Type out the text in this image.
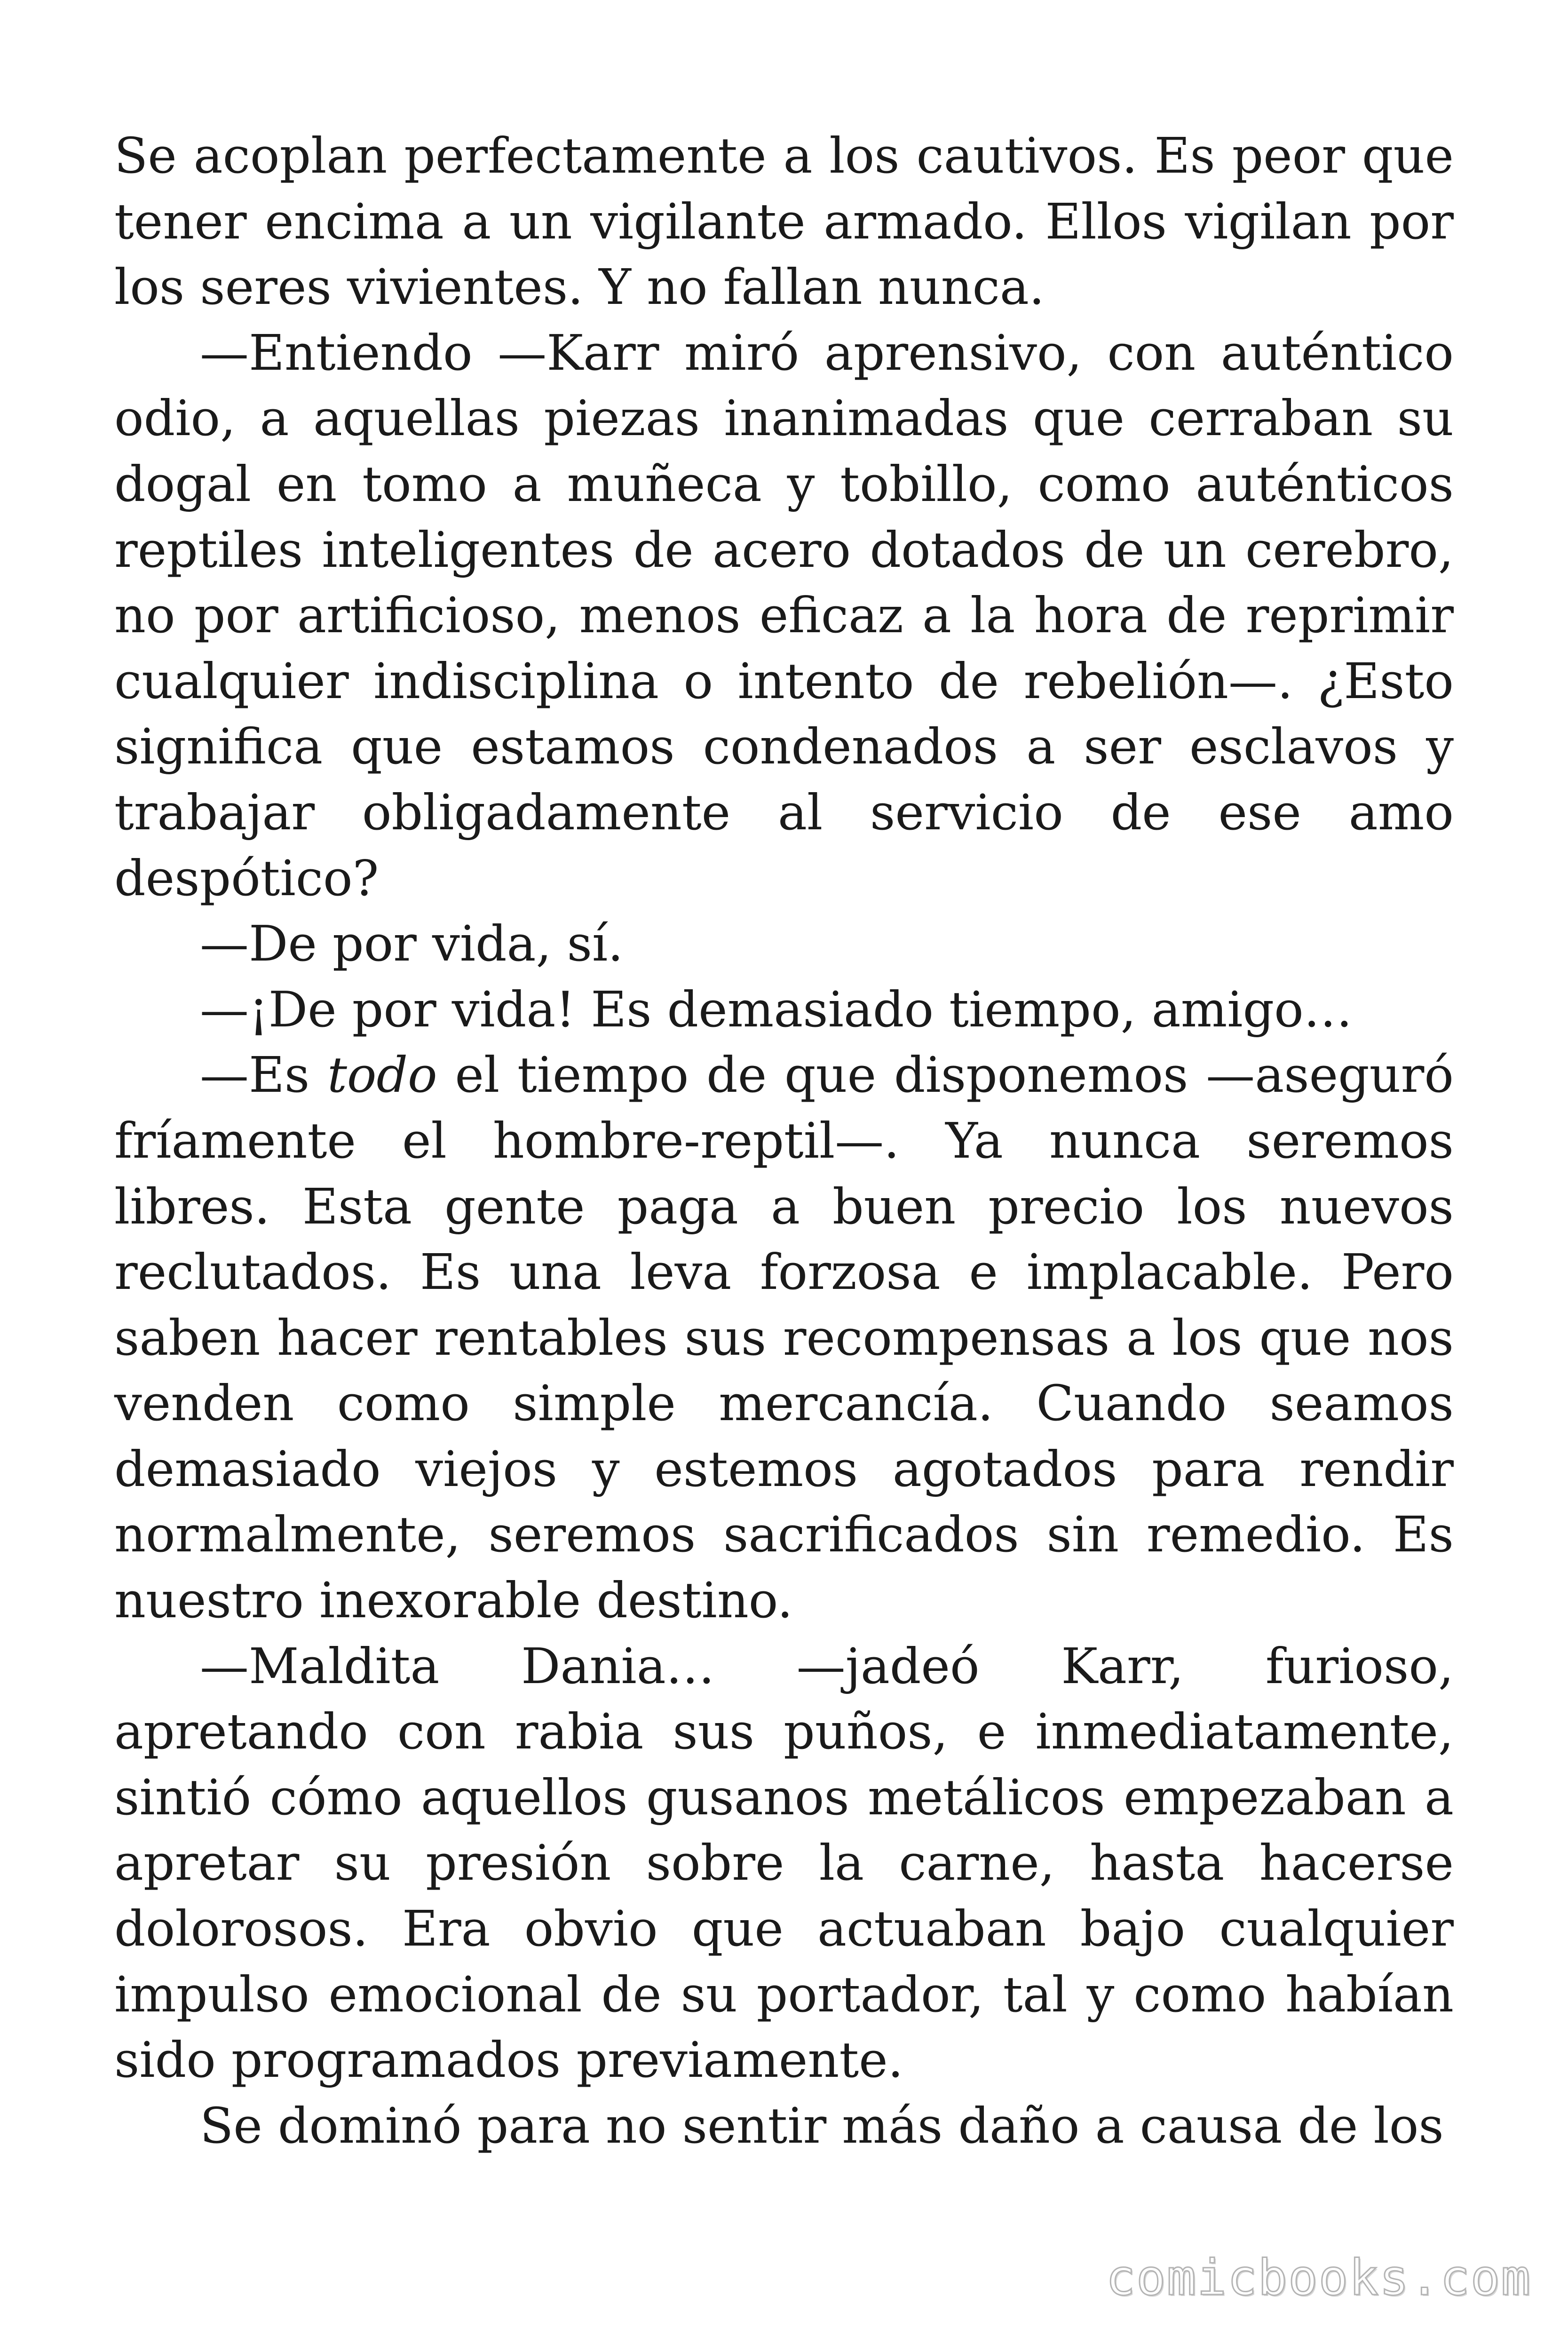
Se acoplan perfectamente a los cautivos. Es peor que tener encima a un vigilante armado. Ellos vigilan por los seres vivientes. Y no fallan nunca.

—Entiendo —Karr miró aprensivo, con auténtico odio, a aquellas piezas inanimadas que cerraban su dogal en tomo a muñeca y tobillo, como auténticos reptiles inteligentes de acero dotados de un cerebro, no por artificioso, menos eficaz a la hora de reprimir cualquier indisciplina o intento de rebelión—. ¿Esto significa que estamos condenados a ser esclavos y trabajar obligadamente al servicio de ese amo despótico?

—De por vida, sí.

—¡De por vida! Es demasiado tiempo, amigo…

—Es todo el tiempo de que disponemos —aseguró fríamente el hombre-reptil—. Ya nunca seremos libres. Esta gente paga a buen precio los nuevos reclutados. Es una leva forzosa e implacable. Pero saben hacer rentables sus recompensas a los que nos venden como simple mercancía. Cuando seamos demasiado viejos y estemos agotados para rendir normalmente, seremos sacrificados sin remedio. Es nuestro inexorable destino.

—Maldita Dania… —jadeó Karr, furioso, apretando con rabia sus puños, e inmediatamente, sintió cómo aquellos gusanos metálicos empezaban a apretar su presión sobre la carne, hasta hacerse dolorosos. Era obvio que actuaban bajo cualquier impulso emocional de su portador, tal y como habían sido programados previamente.

Se dominó para no sentir más daño a causa de los

comicbooks.com
